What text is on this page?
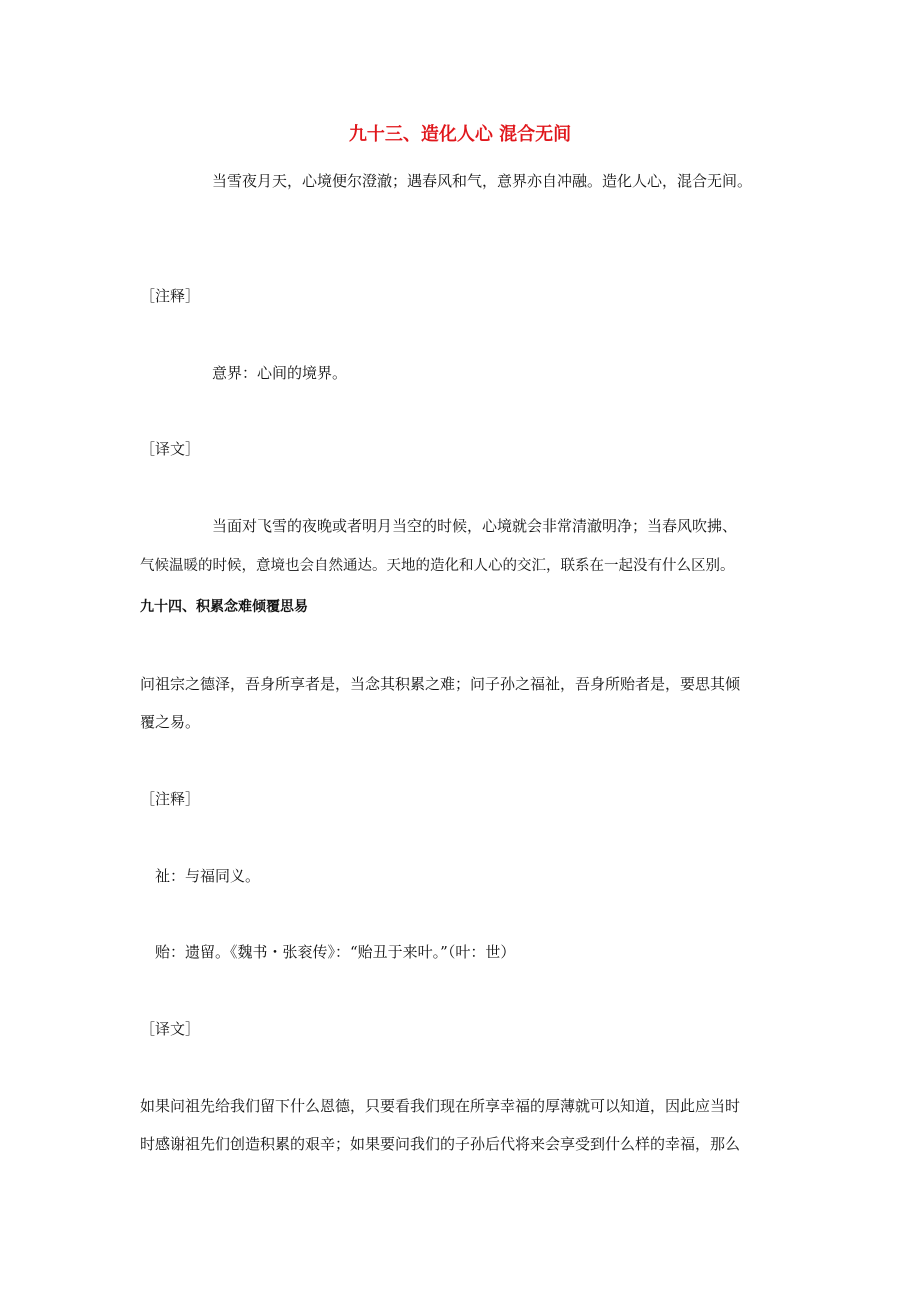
九十三、造化人心 混合无间
当雪夜月天，心境便尔澄澈；遇春风和气，意界亦自冲融。造化人心，混合无间。
［注释］
意界：心间的境界。
［译文］
当面对飞雪的夜晚或者明月当空的时候，心境就会非常清澈明净；当春风吹拂、
气候温暖的时候，意境也会自然通达。天地的造化和人心的交汇，联系在一起没有什么区别。
九十四、积累念难倾覆思易
问祖宗之德泽，吾身所享者是，当念其积累之难；问子孙之福祉，吾身所贻者是，要思其倾
覆之易。
［注释］
祉：与福同义。
贻：遗留。《魏书・张衮传》：“贻丑于来叶。”（叶：世）
［译文］
如果问祖先给我们留下什么恩德，只要看我们现在所享幸福的厚薄就可以知道，因此应当时
时感谢祖先们创造积累的艰辛；如果要问我们的子孙后代将来会享受到什么样的幸福，那么
